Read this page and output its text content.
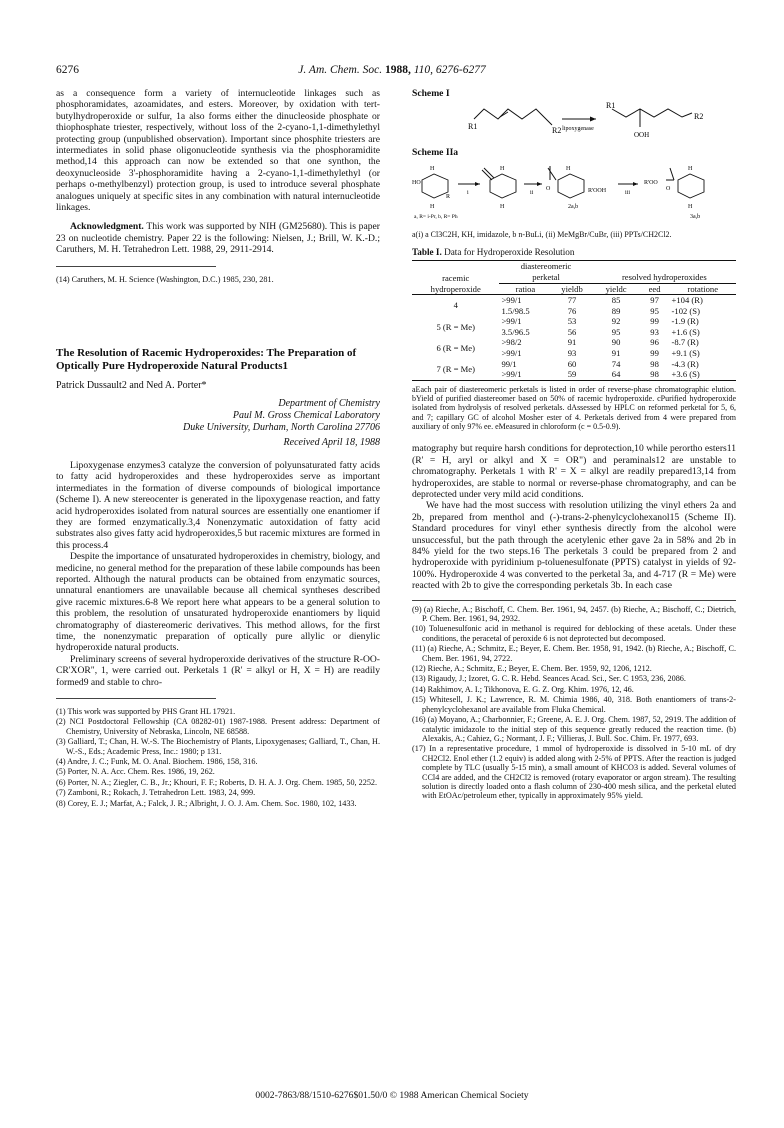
6276	J. Am. Chem. Soc. 1988, 110, 6276-6277

as a consequence form a variety of internucleotide linkages such as phosphoramidates, azoamidates, and esters. Moreover, by oxidation with tert-butylhydroperoxide or sulfur, 1a also forms either the dinucleoside phosphate or thiophosphate triester, respectively, without loss of the 2-cyano-1,1-dimethylethyl protecting group (unpublished observation). Important since phosphite triesters are intermediates in solid phase oligonucleotide synthesis via the phosphoramidite method,14 this approach can now be extended so that one synthon, the deoxynucleoside 3'-phosphoramidite having a 2-cyano-1,1-dimethylethyl (or perhaps o-methylbenzyl) protection group, is used to introduce several phosphate analogues uniquely at specific sites in any combination with natural internucleotide linkages.

Acknowledgment. This work was supported by NIH (GM25680). This is paper 23 on nucleotide chemistry. Paper 22 is the following: Nielsen, J.; Brill, W. K.-D.; Caruthers, M. H. Tetrahedron Lett. 1988, 29, 2911-2914.

(14) Caruthers, M. H. Science (Washington, D.C.) 1985, 230, 281.

The Resolution of Racemic Hydroperoxides: The Preparation of Optically Pure Hydroperoxide Natural Products1

Patrick Dussault2 and Ned A. Porter*

Department of Chemistry
Paul M. Gross Chemical Laboratory
Duke University, Durham, North Carolina 27706
Received April 18, 1988

Lipoxygenase enzymes3 catalyze the conversion of polyunsaturated fatty acids to fatty acid hydroperoxides and these hydroperoxides serve as important intermediates in the formation of diverse compounds of biological importance (Scheme I). A new stereocenter is generated in the lipoxygenase reaction, and fatty acid hydroperoxides isolated from natural sources are essentially one enantiomer if they are formed enzymatically.3,4 Nonenzymatic autoxidation of fatty acid substrates also gives fatty acid hydroperoxides,5 but racemic mixtures are formed in this process.4

Despite the importance of unsaturated hydroperoxides in chemistry, biology, and medicine, no general method for the preparation of these labile compounds has been reported. Although the natural products can be obtained from enzymatic sources, unnatural enantiomers are unavailable because all chemical syntheses described give racemic mixtures.6-8 We report here what appears to be a general solution to this problem, the resolution of unsaturated hydroperoxide enantiomers by liquid chromatography of diastereomeric derivatives. This method allows, for the first time, the nonenzymatic preparation of optically pure allylic or dienylic hydroperoxide natural products.

Preliminary screens of several hydroperoxide derivatives of the structure R-OO-CR'XOR", 1, were carried out. Perketals 1 (R' = alkyl or H, X = H) are readily formed9 and stable to chro-

(1) This work was supported by PHS Grant HL 17921.

(2) NCI Postdoctoral Fellowship (CA 08282-01) 1987-1988. Present address: Department of Chemistry, University of Nebraska, Lincoln, NE 68588.

(3) Galliard, T.; Chan, H. W.-S. The Biochemistry of Plants, Lipoxygenases; Galliard, T., Chan, H. W.-S., Eds.; Academic Press, Inc.: 1980; p 131.

(4) Andre, J. C.; Funk, M. O. Anal. Biochem. 1986, 158, 316.

(5) Porter, N. A. Acc. Chem. Res. 1986, 19, 262.

(6) Porter, N. A.; Ziegler, C. B., Jr.; Khouri, F. F.; Roberts, D. H. A. J. Org. Chem. 1985, 50, 2252.

(7) Zamboni, R.; Rokach, J. Tetrahedron Lett. 1983, 24, 999.

(8) Corey, E. J.; Marfat, A.; Falck, J. R.; Albright, J. O. J. Am. Chem. Soc. 1980, 102, 1433.

Scheme I
R1	R2 lipoxygenase
R1
R2
OOH
Scheme IIa
HO
H
H
R
i
H
H
ii
O
H
2a,b
R'OOH	iii
R'OO
O
H
H
3a,b
a, R= i-Pr, b, R= Ph
a(i) a Cl3C2H, KH, imidazole, b n-BuLi, (ii) MeMgBr/CuBr, (iii) PPTs/CH2Cl2.
Table I. Data for Hydroperoxide Resolution
racemic
hydroperoxide	diastereomeric				
	perketal		resolved hydroperoxides		
	ratioa	yieldb	yieldc	eed	rotatione
4	>99/1	77	85	97	+104 (R)
	1.5/98.5	76	89	95	-102 (S)
5 (R = Me)	>99/1	53	92	99	-1.9 (R)
	3.5/96.5	56	95	93	+1.6 (S)
6 (R = Me)	>98/2	91	90	96	-8.7 (R)
	>99/1	93	91	99	+9.1 (S)
7 (R = Me)	99/1	60	74	98	-4.3 (R)
	>99/1	59	64	98	+3.6 (S)
aEach pair of diastereomeric perketals is listed in order of reverse-phase chromatographic elution. bYield of purified diastereomer based on 50% of racemic hydroperoxide. cPurified hydroperoxide isolated from hydrolysis of resolved perketals. dAssessed by HPLC on reformed perketal for 5, 6, and 7; capillary GC of alcohol Mosher ester of 4. Perketals derived from 4 were prepared from auxiliary of only 97% ee. eMeasured in chloroform (c = 0.5-0.9).

matography but require harsh conditions for deprotection,10 while perortho esters11 (R' = H, aryl or alkyl and X = OR") and peraminals12 are unstable to chromatography. Perketals 1 with R' = X = alkyl are readily prepared13,14 from hydroperoxides, are stable to normal or reverse-phase chromatography, and can be deprotected under very mild acid conditions.

We have had the most success with resolution utilizing the vinyl ethers 2a and 2b, prepared from menthol and (-)-trans-2-phenylcyclohexanol15 (Scheme II). Standard procedures for vinyl ether synthesis directly from the alcohol were unsuccessful, but the path through the acetylenic ether gave 2a in 58% and 2b in 84% yield for the two steps.16 The perketals 3 could be prepared from 2 and hydroperoxide with pyridinium p-toluenesulfonate (PPTS) catalyst in yields of 92-100%. Hydroperoxide 4 was converted to the perketal 3a, and 4-717 (R = Me) were reacted with 2b to give the corresponding perketals 3b. In each case

(9) (a) Rieche, A.; Bischoff, C. Chem. Ber. 1961, 94, 2457. (b) Rieche, A.; Bischoff, C.; Dietrich, P. Chem. Ber. 1961, 94, 2932.

(10) Toluenesulfonic acid in methanol is required for deblocking of these acetals. Under these conditions, the peracetal of peroxide 6 is not deprotected but decomposed.

(11) (a) Rieche, A.; Schmitz, E.; Beyer, E. Chem. Ber. 1958, 91, 1942. (b) Rieche, A.; Bischoff, C. Chem. Ber. 1961, 94, 2722.

(12) Rieche, A.; Schmitz, E.; Beyer, E. Chem. Ber. 1959, 92, 1206, 1212.

(13) Rigaudy, J.; Izoret, G. C. R. Hebd. Seances Acad. Sci., Ser. C 1953, 236, 2086.

(14) Rakhimov, A. I.; Tikhonova, E. G. Z. Org. Khim. 1976, 12, 46.

(15) Whitesell, J. K.; Lawrence, R. M. Chimia 1986, 40, 318. Both enantiomers of trans-2-phenylcyclohexanol are available from Fluka Chemical.

(16) (a) Moyano, A.; Charbonnier, F.; Greene, A. E. J. Org. Chem. 1987, 52, 2919. The addition of catalytic imidazole to the initial step of this sequence greatly reduced the reaction time. (b) Alexakis, A.; Cahiez, G.; Normant, J. F.; Villieras, J. Bull. Soc. Chim. Fr. 1977, 693.

(17) In a representative procedure, 1 mmol of hydroperoxide is dissolved in 5-10 mL of dry CH2Cl2. Enol ether (1.2 equiv) is added along with 2-5% of PPTS. After the reaction is judged complete by TLC (usually 5-15 min), a small amount of KHCO3 is added. Several volumes of CCl4 are added, and the CH2Cl2 is removed (rotary evaporator or argon stream). The resulting solution is directly loaded onto a flash column of 230-400 mesh silica, and the perketal eluted with EtOAc/petroleum ether, typically in approximately 95% yield.

0002-7863/88/1510-6276$01.50/0 © 1988 American Chemical Society
